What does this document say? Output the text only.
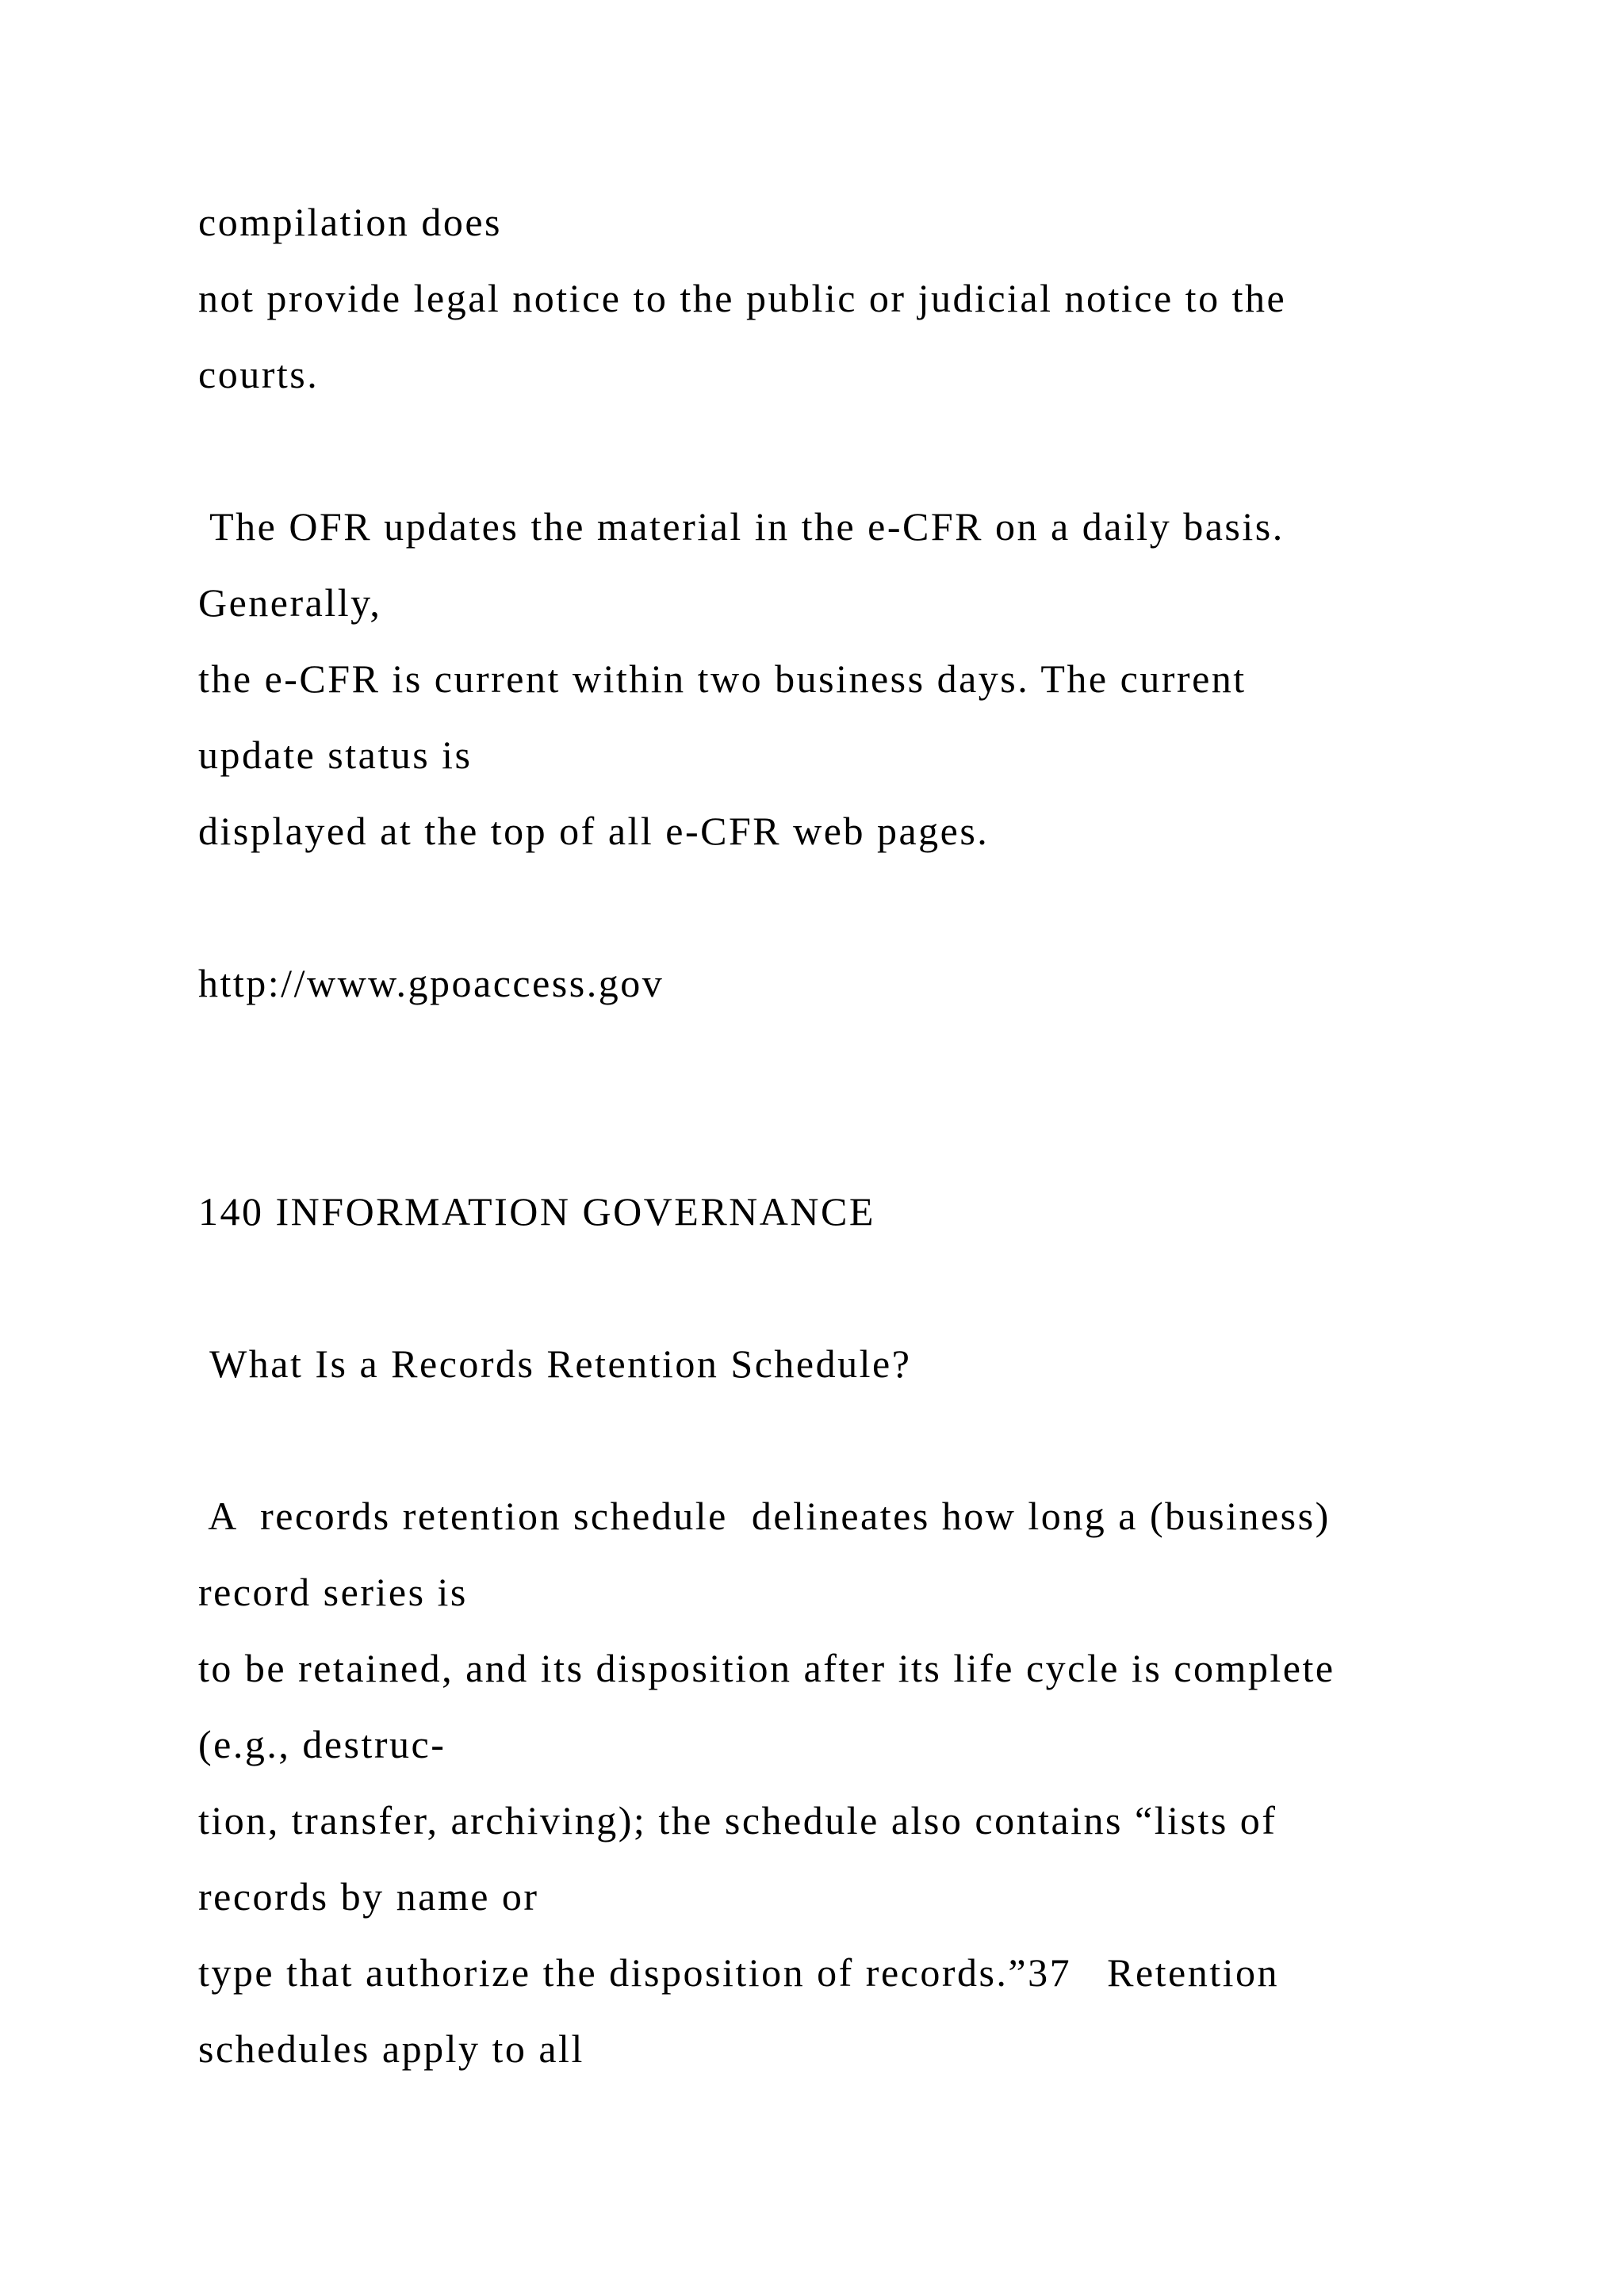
compilation does

not provide legal notice to the public or judicial notice to the

courts.

The OFR updates the material in the e-CFR on a daily basis.

Generally,

the e-CFR is current within two business days. The current

update status is

displayed at the top of all e-CFR web pages.

http://www.gpoaccess.gov

140 INFORMATION GOVERNANCE

What Is a Records Retention Schedule?

A  records retention schedule  delineates how long a (business)

record series is

to be retained, and its disposition after its life cycle is complete

(e.g., destruc-

tion, transfer, archiving); the schedule also contains “lists of

records by name or

type that authorize the disposition of records.”37   Retention

schedules apply to all
